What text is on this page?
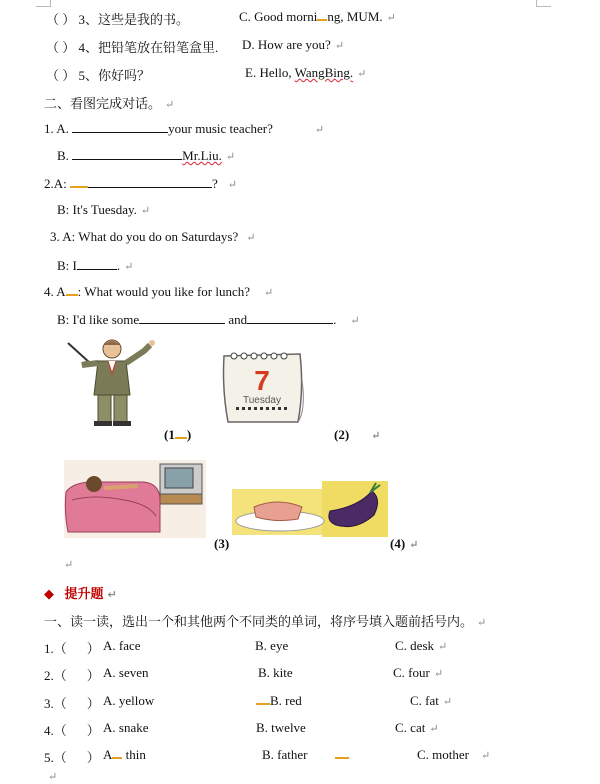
（ ） 3、这些是我的书。	C. Good morni ng, MUM. ↵
（ ） 4、把铅笔放在铅笔盒里. D. How are you? ↵
（ ） 5、你好吗？	E. Hello, WangBing. ↵
二、看图完成对话。 ↵
1. A.	your music teacher?	↵
B.	Mr.Liu. ↵
2.A:	? ↵
B: It's Tuesday. ↵
3. A: What do you do on Saturdays? ↵
B: I	. ↵
4. A : What would you like for lunch? ↵
B: I'd like some	and	. ↵
7
Tuesday
(1 )	(2) ↵
(3)	(4) ↵
↵
◆ 提升题 ↵
一、读一读，选出一个和其他两个不同类的单词，将序号填入题前括号内。 ↵
1.（ ） A. face	B. eye	C. desk ↵
2.（ ） A. seven	B. kite	C. four ↵
3.（ ） A. yellow	B. red	C. fat ↵
4.（ ） A. snake	B. twelve	C. cat ↵
5.（ ） A thin	B. father	C. mother ↵
↵
